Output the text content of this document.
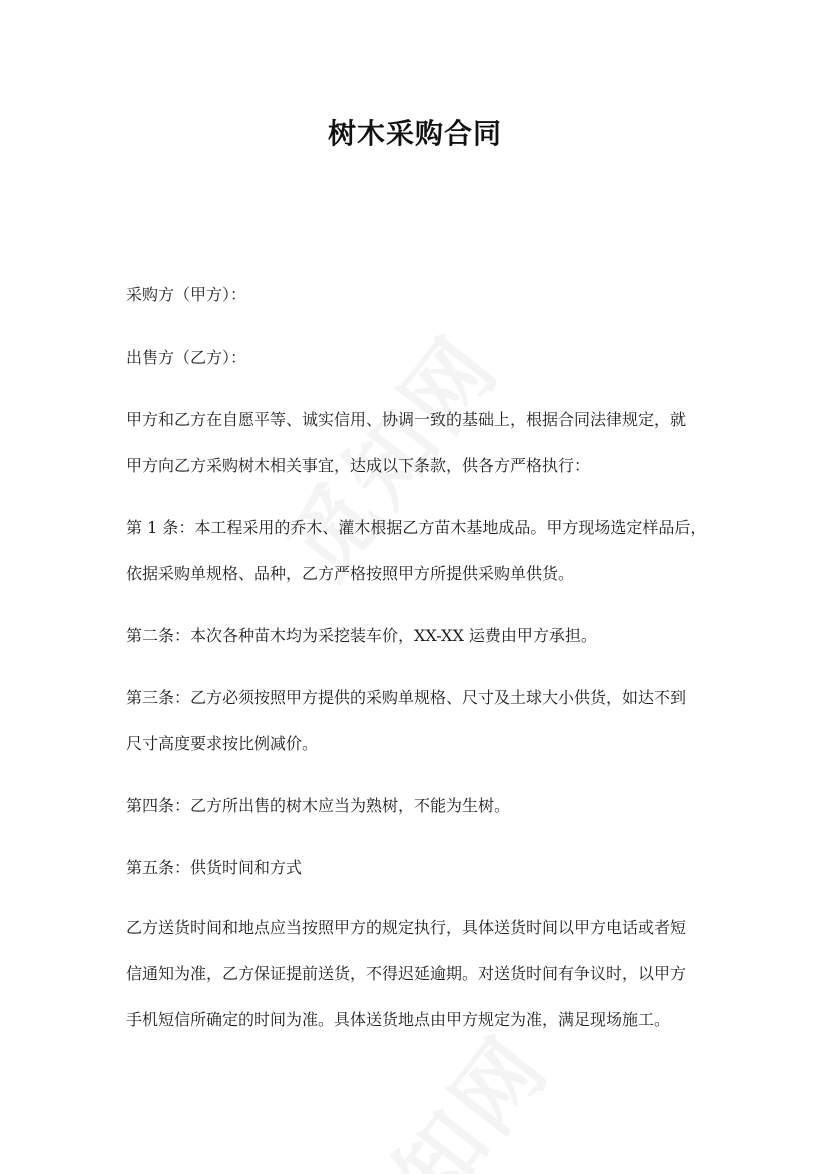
树木采购合同
采购方（甲方）：
出售方（乙方）：
甲方和乙方在自愿平等、诚实信用、协调一致的基础上，根据合同法律规定，就
甲方向乙方采购树木相关事宜，达成以下条款，供各方严格执行：
第 1 条：本工程采用的乔木、灌木根据乙方苗木基地成品。甲方现场选定样品后，
依据采购单规格、品种，乙方严格按照甲方所提供采购单供货。
第二条：本次各种苗木均为采挖装车价，XX-XX 运费由甲方承担。
第三条：乙方必须按照甲方提供的采购单规格、尺寸及土球大小供货，如达不到
尺寸高度要求按比例减价。
第四条：乙方所出售的树木应当为熟树，不能为生树。
第五条：供货时间和方式
乙方送货时间和地点应当按照甲方的规定执行，具体送货时间以甲方电话或者短
信通知为准，乙方保证提前送货，不得迟延逾期。对送货时间有争议时，以甲方
手机短信所确定的时间为准。具体送货地点由甲方规定为准，满足现场施工。
